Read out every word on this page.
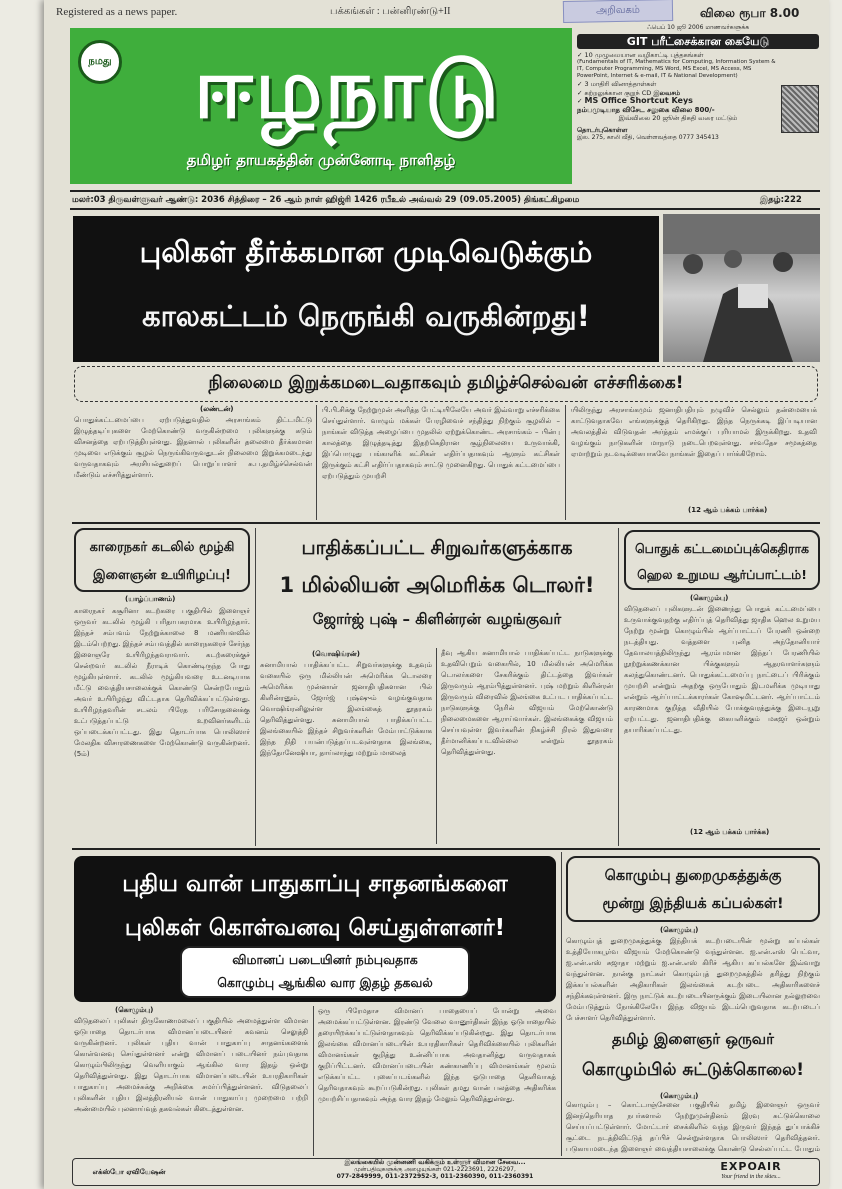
Registered as a news paper.	பக்கங்கள் : பன்னிரண்டு+II	அறிவகம்	விலை ரூபா 8.00
நமது ஈழநாடு
தமிழர் தாயகத்தின் முன்னோடி நாளிதழ்
ஃபெப் 10 ஜூ 2006 மாணவர்களுக்க
GIT பரீட்சைக்கான கையேடு
✓ 10 முழுமையான வழிகாட்டி புத்தகங்கள்
(Fundamentals of IT, Mathematics for Computing, Information System & IT, Computer Programming, MS Word, MS Excel, MS Access, MS PowerPoint, Internet & e-mail, IT & National Development)
✓ 3 மாதிரி வினாத்தாள்கள்
✓ கற்றலுக்கான குறுந் CD இலவசம்
✓ MS Office Shortcut Keys
நம்பமுடியாத விசேட சலுகை விலை 800/-
இவ்விலை 20 ஜூன் திகதி வரை மட்டும்
தொடர்புகொள்ள
இல. 275, காலி வீதி, வெள்ளவத்தை 0777 345413
மலர்:03 திருவள்ளுவர் ஆண்டு: 2036 சித்திரை – 26 ஆம் நாள் ஹிஜ்ரி 1426 ரபீஉல் அவ்வல் 29 (09.05.2005) திங்கட்கிழமை	இதழ்:222
புலிகள் தீர்க்கமான முடிவெடுக்கும்
காலகட்டம் நெருங்கி வருகின்றது!
நிலைமை இறுக்கமடைவதாகவும் தமிழ்ச்செல்வன் எச்சரிக்கை!
(லண்டன்)
பொதுக்கட்டமைப்பை ஏற்படுத்துவதில் அரசாங்கம் திட்டமிட்டு இழுத்தடிப்புகளை மேற்கொண்டு வருகின்றமை புலிகளுக்கு கடும் விசனத்தை ஏற்படுத்தியுள்ளது. இதனால் புலிகளின் தலைமை தீர்க்கமான முடிவை எடுக்கும் சூழல் நெருங்கிவருவதுடன் நிலைமை இறுக்கமடைந்து வருவதாகவும் அரசியல்துறைப் பொறுப்பாளர் சு.ப.தமிழ்ச்செல்வன் மீண்டும் எச்சரித்துள்ளார்.
பி.பி.சிக்கு நேற்றுமுன் அளித்த பேட்டியிலேயே அவர் இவ்வாறு எச்சரிக்கை செய்துள்ளார். வாழும் மக்கள் பேரழிவைச் சந்தித்து நிற்கும் சூழலில் – நாங்கள் விடுத்த அழைப்பை முதலில் ஏற்றுக்கொண்ட அரசாங்கம் – பின்பு காலத்தை இழுத்தடித்து இதற்கெதிரான சூழ்நிலையை உருவாக்கி, இப்பொழுது பங்காளிக் கட்சிகள் எதிர்ப்பதாகவும் ஆளும் கட்சிகள் இருக்கும் கட்சி எதிர்ப்பதாகவும் சாட்டு முனைகிறது. பொதுக் கட்டமைப்பை ஏற்படுத்தும் முயற்சி
யிலிருந்து அரசாங்கமும் ஜனாதிபதியும் நழுவிச் செல்லும் தன்மையைக் காட்டுவதாகவே எங்களுக்குத் தெரிகிறது. இந்த நெருக்கடி இப்படியான அவலத்தில் விடுவதன் அர்த்தம் எமக்குப் புரியாமல் இருக்கிறது. உதவி வழங்கும் நாடுகளின் மாநாடு நடைபெறவுள்ளது. சர்வதேச சமூகத்தை ஏமாற்றும் நடவடிக்கையாகவே நாங்கள் இதைப் பார்க்கிறோம்.
(12 ஆம் பக்கம் பார்க்க)
காரைநகர் கடலில் மூழ்கி இளைஞன் உயிரிழப்பு!
(யாழ்ப்பாணம்)
காரைநகர் கசூரினா கடற்கரை பகுதியில் இளைஞர் ஒருவர் கடலில் மூழ்கி பரிதாபகரமாக உயிரிழந்தார். இந்தச் சம்பவம் நேற்றுக்காலை 8 மணியளவில் இடம்பெற்றது. இந்தச் சம்பவத்தில் காரைநகரைச் சேர்ந்த இளைஞரே உயிரிழந்தவராவார். கடற்கரைக்குச் சென்றவர் கடலில் நீராடிக் கொண்டிருந்த போது மூழ்கியுள்ளார். கடலில் மூழ்கியவரை உடனடியாக மீட்டு வைத்தியசாலைக்குக் கொண்டு சென்றபோதும் அவர் உயிரிழந்து விட்டதாக தெரிவிக்கப்பட்டுள்ளது. உயிரிழந்தவரின் சடலம் பிரேத பரிசோதனைக்கு உட்படுத்தப்பட்டு உறவினர்களிடம் ஒப்படைக்கப்பட்டது. இது தொடர்பாக பொலிஸார் மேலதிக விசாரணைகளை மேற்கொண்டு வருகின்றனர். (5ம்)
பாதிக்கப்பட்ட சிறுவர்களுக்காக
1 மில்லியன் அமெரிக்க டொலர்!
ஜோர்ஜ் புஷ் – கிளின்ரன் வழங்குவர்
(வொஷிங்ரன்)
சுனாமியால் பாதிக்கப்பட்ட சிறுவர்களுக்கு உதவும் வகையில் ஒரு மில்லியன் அமெரிக்க டொலரை அமெரிக்க முன்னாள் ஜனாதிபதிகளான பில் கிளின்ரனும், ஜோர்ஜ் புஷ்ஷும் வழங்குவதாக வொஷிங்ரனிலுள்ள இலங்கைத் தூதரகம் தெரிவித்துள்ளது. சுனாமியால் பாதிக்கப்பட்ட இலங்கையில் இந்தச் சிறுவர்களின் மேம்பாட்டுக்காக இந்த நிதி பயன்படுத்தப்படவுள்ளதாக இலங்கை, இந்தோனேஷியா, தாய்லாந்து மற்றும் மாலைத்
தீவு ஆகிய சுனாமியால் பாதிக்கப்பட்ட நாடுகளுக்கு உதவிபெறும் வகையில், 10 மில்லியன் அமெரிக்க டொலர்களை சேகரிக்கும் திட்டத்தை இவர்கள் இருவரும் ஆரம்பித்துள்ளனர். புஷ் மற்றும் கிளின்ரன் இருவரும் விரைவில் இலங்கை உட்பட பாதிக்கப்பட்ட நாடுகளுக்கு நேரில் விஜயம் மேற்கொண்டு நிலைமைகளை ஆராய்வார்கள். இலங்கைக்கு விஜயம் செய்யவுள்ள இவர்களின் நிகழ்ச்சி நிரல் இதுவரை தீர்மானிக்கப்படவில்லை என்றும் தூதரகம் தெரிவித்துள்ளது.
பொதுக் கட்டமைப்புக்கெதிராக ஹெல உறுமய ஆர்ப்பாட்டம்!
(கொழும்பு)
விடுதலைப் புலிகளுடன் இணைந்து பொதுக் கட்டமைப்பை உருவாக்குவதற்கு எதிர்ப்புத் தெரிவித்து ஜாதிக ஹெல உறுமய நேற்று மூன்று கொழும்பில் ஆர்ப்பாட்டப் பேரணி ஒன்றை நடத்தியது. வத்தளை புனித அந்தோனியார் தேவாலயத்திலிருந்து ஆரம்பமான இந்தப் பேரணியில் நூற்றுக்கணக்கான பிக்குகளும் ஆதரவாளர்களும் கலந்துகொண்டனர். பொதுக்கட்டமைப்பு நாட்டைப் பிரிக்கும் முயற்சி என்றும் அதற்கு ஒருபோதும் இடமளிக்க முடியாது என்றும் ஆர்ப்பாட்டக்காரர்கள் கோஷமிட்டனர். ஆர்ப்பாட்டம் காரணமாக குறித்த வீதியில் போக்குவரத்துக்கு இடையூறு ஏற்பட்டது. ஜனாதிபதிக்கு கையளிக்கும் மகஜர் ஒன்றும் தயாரிக்கப்பட்டது.
(12 ஆம் பக்கம் பார்க்க)
புதிய வான் பாதுகாப்பு சாதனங்களை
புலிகள் கொள்வனவு செய்துள்ளனர்!
விமானப் படையினர் நம்புவதாக
கொழும்பு ஆங்கில வார இதழ் தகவல்
(கொழும்பு)
விடுதலைப் புலிகள் திருகோணமலைப் பகுதியில் அமைத்துள்ள விமான ஓடுபாதை தொடர்பாக விமானப்படையினர் கவனம் செலுத்தி வருகின்றனர். புலிகள் புதிய வான் பாதுகாப்பு சாதனங்களைக் கொள்வனவு செய்துள்ளனர் என்று விமானப் படையினர் நம்புவதாக கொழும்பிலிருந்து வெளியாகும் ஆங்கில வார இதழ் ஒன்று தெரிவித்துள்ளது. இது தொடர்பாக விமானப்படையின் உயரதிகாரிகள் பாதுகாப்பு அமைச்சுக்கு அறிக்கை சமர்ப்பித்துள்ளனர். விடுதலைப் புலிகளின் புதிய இலத்திரனியல் வான் பாதுகாப்பு முறைமை பற்றி அண்மையில் புலனாய்வுத் தகவல்கள் கிடைத்துள்ளன.
ஒரு பிரேமதாச விமானப் பாதையைப் போன்று அவை அமைக்கப்பட்டுள்ளன. இரண்டு வேலை வானூர்திகள் இந்த ஓடுபாதையில் தரையிறக்கப்பட்டுள்ளதாகவும் தெரிவிக்கப்படுகின்றது. இது தொடர்பாக இலங்கை விமானப்படையின் உயரதிகாரிகள் தெரிவிக்கையில் புலிகளின் விமானங்கள் குறித்து உன்னிப்பாக அவதானித்து வருவதாகக் குறிப்பிட்டனர். விமானப்படையின் கண்காணிப்பு விமானங்கள் மூலம் எடுக்கப்பட்ட புகைப்படங்களில் இந்த ஓடுபாதை தெளிவாகத் தெரிவதாகவும் கூறப்படுகின்றது. புலிகள் தமது வான் பலத்தை அதிகரிக்க முயற்சிப்பதாகவும் அந்த வார இதழ் மேலும் தெரிவித்துள்ளது.
கொழும்பு துறைமுகத்துக்கு
மூன்று இந்தியக் கப்பல்கள்!
(கொழும்பு)
கொழும்புத் துறைமுகத்துக்கு இந்தியக் கடற்படையின் மூன்று கப்பல்கள் உத்தியோகபூர்வ விஜயம் மேற்கொண்டு வந்துள்ளன. ஐ.என்.எஸ் பெட்வா, ஐ.என்.எஸ் சுஜாதா மற்றும் ஐ.என்.எஸ் கிரிச் ஆகிய கப்பல்களே இவ்வாறு வந்துள்ளன. நான்கு நாட்கள் கொழும்புத் துறைமுகத்தில் தரித்து நிற்கும் இக்கப்பல்களின் அதிகாரிகள் இலங்கைக் கடற்படை அதிகாரிகளைச் சந்திக்கவுள்ளனர். இரு நாட்டுக் கடற்படையினருக்கும் இடையிலான நல்லுறவை மேம்படுத்தும் நோக்கிலேயே இந்த விஜயம் இடம்பெறுவதாக கடற்படைப் பேச்சாளர் தெரிவித்துள்ளார்.
தமிழ் இளைஞர் ஒருவர்
கொழும்பில் சுட்டுக்கொலை!
(கொழும்பு)
கொழும்பு – கொட்டாஞ்சேனை பகுதியில் தமிழ் இளைஞர் ஒருவர் இனந்தெரியாத நபர்களால் நேற்றுமுன்தினம் இரவு சுட்டுக்கொலை செய்யப்பட்டுள்ளார். மோட்டார் சைக்கிளில் வந்த இருவர் இந்தத் துப்பாக்கிச் சூட்டை நடத்திவிட்டுத் தப்பிச் சென்றுள்ளதாக பொலிஸார் தெரிவித்தனர். படுகாயமடைந்த இளைஞர் வைத்தியசாலைக்கு கொண்டு செல்லப்பட்ட போதும்
எக்ஸ்போ ஏவியேஷன்
இலங்கையில் முன்னணி வகிக்கும் உள்ளூர் விமான சேவை...
முன்பதிவுகளுக்கு அழையுங்கள் 021-2223691, 2226297,
077-2849999, 011-2372952-3, 011-2360390, 011-2360391
EXPOAIR
Your friend in the skies...
